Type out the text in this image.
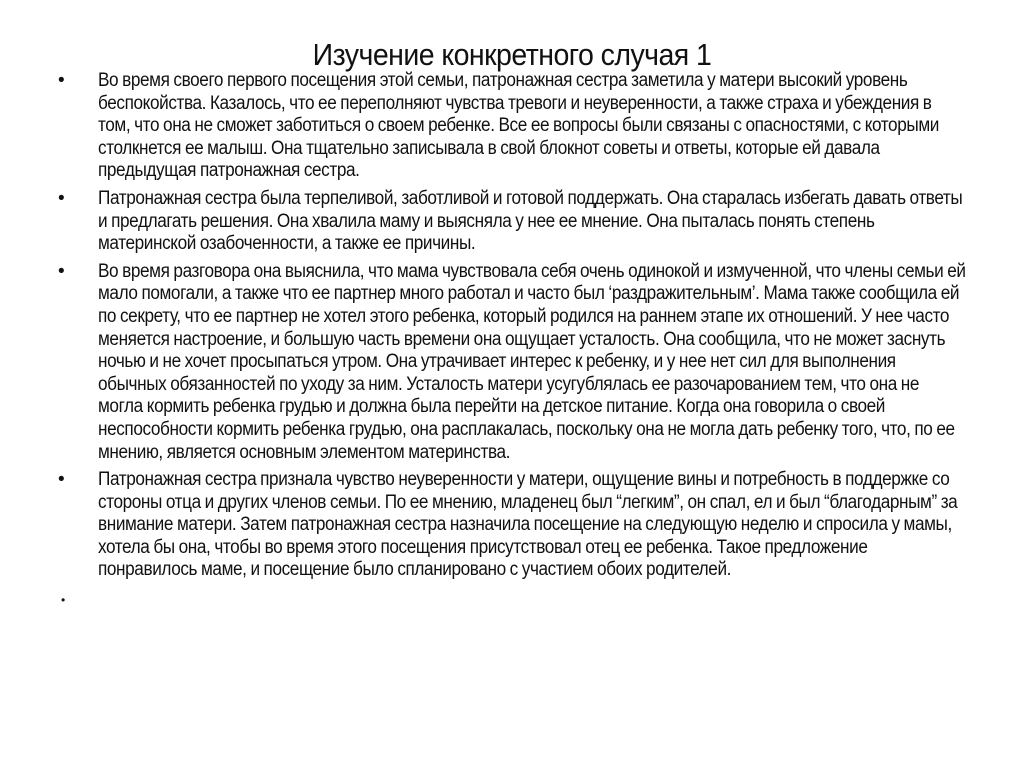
Изучение конкретного случая 1
•	Во время своего первого посещения этой семьи, патронажная сестра заметила у матери высокий уровень беспокойства. Казалось, что ее переполняют чувства тревоги и неуверенности, а также страха и убеждения в том, что она не сможет заботиться о своем ребенке. Все ее вопросы были связаны с опасностями, с которыми столкнется ее малыш. Она тщательно записывала в свой блокнот советы и ответы, которые ей давала предыдущая патронажная сестра.
•	Патронажная сестра была терпеливой, заботливой и готовой поддержать. Она старалась избегать давать ответы и предлагать решения. Она хвалила маму и выясняла у нее ее мнение. Она пыталась понять степень материнской озабоченности, а также ее причины.
•	Во время разговора она выяснила, что мама чувствовала себя очень одинокой и измученной, что члены семьи ей мало помогали, а также что ее партнер много работал и часто был ‘раздражительным’. Мама также сообщила ей по секрету, что ее партнер не хотел этого ребенка, который родился на раннем этапе их отношений. У нее часто меняется настроение, и большую часть времени она ощущает усталость. Она сообщила, что не может заснуть ночью и не хочет просыпаться утром. Она утрачивает интерес к ребенку, и у нее нет сил для выполнения обычных обязанностей по уходу за ним. Усталость матери усугублялась ее разочарованием тем, что она не могла кормить ребенка грудью и должна была перейти на детское питание. Когда она говорила о своей неспособности кормить ребенка грудью, она расплакалась, поскольку она не могла дать ребенку того, что, по ее мнению, является основным элементом материнства.
•	Патронажная сестра признала чувство неуверенности у матери, ощущение вины и потребность в поддержке со стороны отца и других членов семьи. По ее мнению, младенец был “легким”, он спал, ел и был “благодарным” за внимание матери. Затем патронажная сестра назначила посещение на следующую неделю и спросила у мамы, хотела бы она, чтобы во время этого посещения присутствовал отец ее ребенка. Такое предложение понравилось маме, и посещение было спланировано с участием обоих родителей.
•
